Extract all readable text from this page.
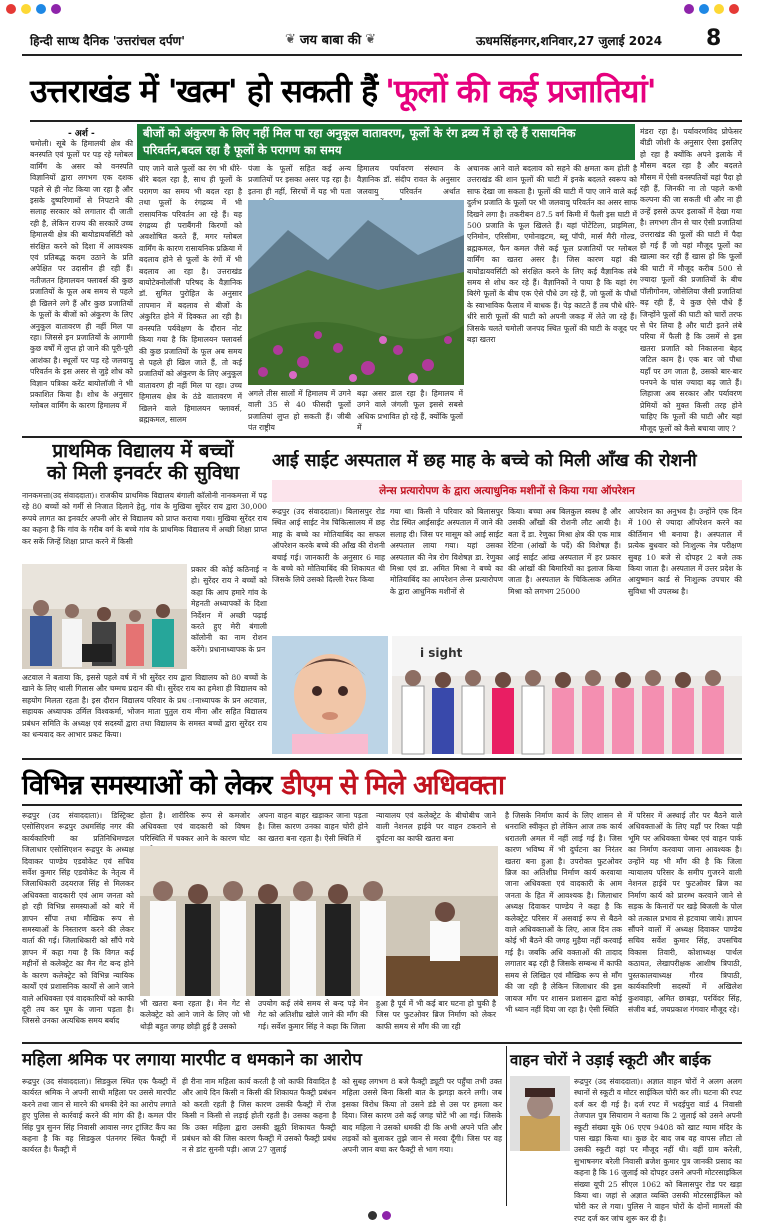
हिन्दी साप्ध दैनिक 'उत्तरांचल दर्पण'	❦ जय बाबा की ❦	ऊधमसिंहनगर,शनिवार,27 जुलाई 2024 8
उत्तराखंड में 'खत्म' हो सकती हैं 'फूलों की कई प्रजातियां'
बीजों को अंकुरण के लिए नहीं मिल पा रहा अनुकूल वातावरण, फूलों के रंग द्रव्य में हो रहे हैं रासायनिक परिवर्तन,बदल रहा है फूलों के परागण का समय
- अर्श -
चमोली। सूबे के हिमालयी क्षेत्र की बनस्पति एवं फूलों पर पड़ रहे ग्लोबल वार्मिंग के असर को वनस्पति विज्ञानियों द्वारा लगभग एक दशक पहले से ही नोट किया जा रहा है और इसके दुष्परिणामों से निपटाने की सलाह सरकार को लगातार दी जाती रही है, लेकिन राज्य की सरकारें उच्च हिमालयी क्षेत्र की बायोडायवर्सिटी को संरक्षित करने को दिशा में आवश्यक एवं प्रतिबद्ध कदम उठाने के प्रति अपेक्षित पर उदासीन ही रही हैं। नतीजतन हिमालयन फ्लावर्स की कुछ प्रजातियों के फूल अब समय से पहले ही खिलने लगे हैं और कुछ प्रजातियों के फूलों के बीजों को अंकुरण के लिए अनुकूल वातावरण ही नहीं मिल पा रहा। जिससे इन प्रजातियों के आगामी कुछ वर्षों में लुप्त हो जाने की पूरी-पूरी आशंका है। स्थूलों पर पड़ रहे जलवायु परिवर्तन के इस असर से जुड़े शोध को विज्ञान पत्रिका करेंट बायोलॉजी ने भी प्रकाशित किया है। शोध के अनुसार ग्लोबल वार्मिंग के कारण हिमालय में
पाए जाने वाले फूलों का रंग भी धीरे-धीरे बदल रहा है, साथ ही फूलों के परागण का समय भी बदल रहा है तथा फूलों के रंगद्रव्य में भी रासायनिक परिवर्तन आ रहे हैं। यह रंगद्रव्य ही पराबैंगनी किरणों को अवशोषित करते हैं, मगर ग्लोबल वार्मिंग के कारण रासायनिक प्रक्रिया में बदलाव होने से फूलों के रंगों में भी बदलाव आ रहा है। उत्तराखंड बायोटेक्नोलॉजी परिषद के वैज्ञानिक डॉ. सुमित पुरोहित के अनुसार तापमान में बदलाव से बीजों के अंकुरित होने में दिक्कत आ रही है।वनस्पति पर्यवेक्षण के दौरान नोट किया गया है कि हिमालयन फ्लावर्स की कुछ प्रजातियों के फूल अब समय से पहले ही खिल जाते हैं, तो कई प्रजातियों को अंकुरण के लिए अनुकूल वातावरण ही नहीं मिल पा रहा। उच्च हिमालय क्षेत्र के ठंडे वातावरण में खिलने वाले हिमालयन फ्लावर्स, ब्रह्मकमल, सालम
पंजा के फूलों सहित कई अन्य प्रजातियों पर इसका असर पड़ रहा है। इतना ही नहीं, सिरचों में यह भी पता
हिमालय पर्यावरण संस्थान के वैज्ञानिक डॉ. संदीप रावत के अनुसार जलवायु परिवर्तन अर्थात
अचानक आने वाले बदलाव को सहने की क्षमता कम होती है उत्तराखंड की शान फूलों की घाटी में इनके बदलते स्वरूप को साफ देखा जा सकता है। फूलों की घाटी में पाए जाने वाले कई दुर्लभ प्रजाति के फूलों पर भी जलवायु परिवर्तन का असर साफ दिखने लगा है। तकरीबन 87.5 वर्ग किमी में फैली इस घाटी में 500 प्रजाति के फूल खिलते हैं। यहां पोटेंटिला, प्राइमिला, एनिमोन, एरिसीमा, एमोनाइटम, ब्लू पॉपी, मार्स मैरी गोल्ड, ब्रह्मकमल, फैन कमल जैसे कई फूल प्रजातियों पर ग्लोबल वार्मिंग का खतरा असर है। जिस कारण यहां की बायोडायवर्सिटी को संरक्षित करने के लिए कई वैज्ञानिक लंबे समय से शोध कर रहे हैं। वैज्ञानिकों ने पाया है कि यहां रंग बिरंगे फूलों के बीच एक ऐसे पौधे उग रहे हैं, जो फूलों के पौधों के स्वाभाविक फैलाव में बाधक हैं। पेड़ काटते हैं तब पौधे धीरे-धीरे सारी फूलों की घाटी को अपनी जकड़ में लेते जा रहे हैं। जिसके चलते चमोली जनपद स्थित फूलों की घाटी के वजूद पर बड़ा खतरा
अगले तीस सालों में हिमालय में उगने वाली 35 से 40 फीसदी फूलों प्रजातियां लुप्त हो सकती हैं। जीबी पंत राष्ट्रीय
बढ़ा असर डाल रहा है। हिमालय में उगने वाले जंगली फूल इससे सबसे अधिक प्रभावित हो रहे हैं, क्योंकि फूलों में
मंडरा रहा है। पर्यावरणविद प्रोफेसर बीडी जोशी के अनुसार ऐसा इसलिए हो रहा है क्योंकि अपने इलाके में मौसम बदल रहा है और बदलते मौसम में ऐसी वनस्पतियों यहां पैदा हो रही हैं, जिनकी ना तो पहले कभी कल्पना की जा सकती थी और ना ही उन्हें इससे ऊपर इलाकों में देखा गया है। लगभग तीन से चार ऐसी प्रजातियां उत्तराखंड की फूलों की घाटी में पैदा हो गई हैं जो यहां मौजूद फूलों का खात्मा कर रही हैं खास हो कि फूलों की घाटी में मौजूद करीब 500 से ज्यादा फूलों की प्रजातियों के बीच पॉलीगोनम, जोसेलिया जैसी प्रजातियां बढ़ रही हैं, ये कुछ ऐसे पौधे हैं जिन्होंने फूलों की घाटी को चारों तरफ से घेर लिया है और घाटी इतने लंबे परिया में फैली है कि उसमें से इस खतरा प्रजाति को निकालना बेहद जटिल काम है। एक बार जो पौधा यहाँ पर उग जाता है, उसको बार-बार पनपने के चांस ज्यादा बढ़ जाते हैं। लिहाजा अब सरकार और पर्यावरण प्रेमियों को मुक्त किसी तरह होने चाहिए कि फूलों की घाटी और यहां मौजूद फूलों को कैसे बचाया जाए ?
प्राथमिक विद्यालय में बच्चों
को मिली इनवर्टर की सुविधा
नानकमत्ता(उद संवाददाता)। राजकीय प्राथमिक विद्यालय बंगाली कॉलोनी नानकमत्ता में पढ़ रहे 80 बच्चों को गर्मी से निजात दिलाने हेतु, गांव के मुखिया सुरेंदर राय द्वारा 30,000 रूपये लागत का इनवर्टर अपनी ओर से विद्यालय को प्राप्त कराया गया। मुखिया सुरेंदर राय का कहना है कि गांव के गरीब वर्ग के बच्चे गांव के प्राथमिक विद्यालय में अच्छी शिक्षा प्राप्त कर सकें जिन्हें शिक्षा प्राप्त करने में किसी
प्रकार की कोई कठिनाई न हो। सुरेंदर राय ने बच्चों को कहा कि आप हमारे गांव के मेहनती अध्यापकों के दिशा निर्देशन में अच्छी पढ़ाई करते हुए मेरी बंगाली कॉलोनी का नाम रोशन करेंगे। प्रधानाध्यापक के प्रन
अटवाल ने बताया कि, इससे पहले वर्ष में भी सुरेंदर राय द्वारा विद्यालय को 80 बच्चों के खाने के लिए थाली गिलास और चम्मच प्रदान की थी। सुरेंदर राय का हमेशा ही विद्यालय को सहयोग मिलता रहता है। इस दौरान विद्यालय परिवार के प्रध ानाध्यापक के प्रन अटवाल, सहायक अध्यापक उर्मिल विश्वकर्मा, भोजन माता पुतुल राय मीना और सहित विद्यालय प्रबंधन समिति के अध्यक्ष एवं सदस्यों द्वारा तथा विद्यालय के समस्त बच्चों द्वारा सुरेंदर राय का धन्यवाद कर आभार प्रकट किया।
आई साईट अस्पताल में छह माह के बच्चे को मिली आँख की रोशनी
लेन्स प्रत्यारोपण के द्वारा अत्याधुनिक मशीनों से किया गया ऑपरेशन
रूद्रपुर (उद संवाददाता)। बिलासपुर रोड स्थित आई साईट नेत्र चिकित्सालय में छह माह के बच्चे का मोतियाबिंद का सफल ऑपरेशन करके बच्चे की आँख की रोशनी बचाई गई। जानकारी के अनुसार 6 माह के बच्चे को मोतियाबिंद की शिकायत थी जिसके लिये उसको दिल्ली रेफर किया
गया था। किसी ने परिवार को बिलासपुर रोड स्थित आईसाईट अस्पताल में जाने की सलाह दी। जिस पर मासूम को आई साईट अस्पताल लाया गया। यहां उसका अस्पताल की नेत्र रोग विशेषज्ञ डा. रेणुका मिश्रा एवं डा. अमित मिश्रा ने बच्चे का मोतियाबिंद का आपरेशन लेन्स प्रत्यारोपण के द्वारा आधुनिक मशीनों से
किया। बच्चा अब बिलकुल स्वस्थ है और उसकी आँखों की रोशनी लौट आयी है। बता दें डा. रेणुका मिश्रा क्षेत्र की एक मात्र रेटिना (आंखों के पर्दे) की विशेषज्ञ हैं। आई साईट आंख अस्पताल में हर प्रकार की आंखों की बिमारियों का इलाज किया जाता है। अस्पताल के चिकित्सक अमित मिश्रा को लगभग 25000
आपरेशन का अनुभव है। उन्होंने एक दिन में 100 से ज्यादा ऑपरेशन करने का कीर्तिमान भी बनाया है। अस्पताल में प्रत्येक बुधवार को निःशुल्क नेत्र परीक्षण सुबह 10 बजे से दोपहर 2 बजे तक किया जाता है। अस्पताल में उत्तर प्रदेश के आयुष्मान कार्ड से निःशुल्क उपचार की सुविधा भी उपलब्ध है।
i sight
विभिन्न समस्याओं को लेकर डीएम से मिले अधिवक्ता
रूद्रपुर (उद संवाददाता)। डिस्ट्रिक्ट एसोसिएशन रूद्रपुर उधमसिंह नगर की कार्यकारिणी का प्रतिनिधिमण्डल जिलाधार एसोसिएशन रूद्रपुर के अध्यक्ष दिवाकर पाण्डेय एडवोकेट एवं सचिव सर्वेश कुमार सिंह एडवोकेट के नेतृत्व में जिलाधिकारी उदयराज सिंह से मिलकर अधिवक्ता वादकारी एवं आम जनता को हो रही विभिन्न समस्याओं को बारे में ज्ञापन सौंपा तथा मौखिक रूप से समस्याओं के निस्तारण करने की लेकर वार्ता की गई। जिलाधिकारी को सौंपे गये ज्ञापन में कहा गया है कि विगत कई महीनों से कलेक्ट्रेट का मैन गेट बन्द होने के कारण कलेक्ट्रेट को विभिन्न न्यायिक कार्यों एवं प्रशासनिक कार्यों से आने जाने वाले अधिवक्ता एवं वादकारियों को काफी दूरी तय कर घूम के जाना पड़ता है। जिससे उनका अत्यधिक समय बर्बाद
होता है। शारीरिक रूप से कमजोर अधिवक्ता एवं वादकारी को विषम परिस्थिति में चक्कर आने के कारण चोट
अपना वाहन बाहर खड़ाकर जाना पड़ता है। जिस कारण उनका वाहन चोरी होने का खतरा बना रहता है। ऐसी स्थिति में
न्यायालय एवं कलेक्ट्रेट के बीचोबीच जाने वाली नेशनल हाईवे पर वाहन टकराने से दुर्घटना का काफी खतरा बना
भी खतरा बना रहता है। मेन गेट से कलेक्ट्रेट को आने जाने के लिए जो भी थोड़ी बहुत जगह छोड़ी हुई है उसको
उपयोग कई लंबे समय से बन्द पड़े मेन गेट को अतिशीघ्र खोले जाने की माँग की गई। सर्वेश कुमार सिंह ने कहा कि जिला
हुआ है पूर्व में भी कई बार घटना हो चुकी है जिस पर फुटओवर ब्रिज निर्माण को लेकर काफी समय से माँग की जा रही
है जिसके निर्माण कार्य के लिए शासन से धनराशि स्वीकृत हो लेकिन आज तक कार्य धरातली अमल में नहीं लाई गई है। जिस कारण भविष्य में भी दुर्घटना का निरंतर खतरा बना हुआ है। उपरोक्त फुटओवर ब्रिज का अतिशीघ्र निर्माण कार्य करवाया जाना अधिवक्ता एवं वादकारी के आम जनता के हित में आवश्यक है। जिलाधार अध्यक्ष दिवाकर पाण्डेय ने कहा है कि कलेक्ट्रेट परिसर में असवाई रूप से बैठने वाले अधिवक्ताओं के लिए, आज दिन तक कोई भी बैठने की जगह मुहैया नहीं करवाई गई है। जबकि अधि वक्ताओं की तादाद लगातार बढ़ रही है जिसके सम्बन्ध में काफी समय से लिखित एवं मौखिक रूप से माँग की जा रही है लेकिन जिलाधार की इस जायज माँग पर शासन प्रशासन द्वारा कोई भी ध्यान नहीं दिया जा रहा है। ऐसी स्थिति
में परिसर में अस्थाई तौर पर बैठने वाले अधिवक्ताओं के लिए यहाँ पर रिक्त पड़ी भूमि पर अधिवक्ता चेम्बर एवं वाहन पार्क का निर्माण करवाया जाना आवश्यक है। उन्होंने यह भी माँग की है कि जिला न्यायालय परिसर के समीप गुजरने वाली नेशनल हाईवे पर फुटओवर ब्रिज का निर्माण कार्य को प्रारम्भ करवाने जाने से सड़क के किनारों पर खड़े बिजली के पोल को तत्काल प्रभाव से हटवाया जाये। ज्ञापन सौंपने वालों में अध्यक्ष दिवाकर पाण्डेय सचिव सर्वेश कुमार सिंह, उपसचिव विकास तिवारी, कोशाध्यक्ष पार्थल कठायत, लेखापरीक्षक आशीष त्रिपाठी, पुस्तकालयाध्यक्ष गौरव त्रिपाठी, कार्यकारिणी सदस्यों में अखिलेश कुशवाहा, अमित छाबड़ा, परविंदर सिंह, संजीव बर्ड, जयप्रकाश गंगवार मौजूद रहे।
महिला श्रमिक पर लगाया मारपीट व धमकाने का आरोप
रूद्रपुर (उद संवाददाता)। सिडकुल स्थित एक फैक्ट्री में कार्यरत श्रमिक ने अपनी साथी महिला पर उससे मारपीट करने तथा जान से मारने की धमकी देने का आरोप लगाते हुए पुलिस से कार्रवाई करने की मांग की है। कमल पीर सिंह पुत्र सुनन सिंह निवासी आवास नगर ट्रांजिट कैंप का कहना है कि वह सिडकुल पंतनगर स्थित फैक्ट्री में कार्यरत है। फैक्ट्री में
ही रीना नाम महिला कार्य करती है जो काफी विवादित है और आये दिन किसी न किसी की शिकायत फैक्ट्री प्रबंधन को करती रहती है जिस कारण उसकी फैक्ट्री में रोज किसी न किसी से लड़ाई होती रहती है। उसका कहना है कि उक्त महिला द्वारा उसकी झूठी शिकायत फैक्ट्री प्रबंधन को की जिस कारण फैक्ट्री में उसको फैक्ट्री प्रबंध न से डांट सुननी पड़ी। आज 27 जुलाई
को सुबह लगभग 8 बजे फैक्ट्री ड्यूटी पर पहुँचा तभी उक्त महिला उससे बिना किसी बात के झगड़ा करने लगी। जब इसका विरोध किया तो उसने डंडे से उस पर हमला कर दिया। जिस कारण उसे कई जगह चोटें भी आ गई। जिसके बाद महिला ने उसको धमकी दी कि अभी अपने पति और लड़कों को बुलाकर तुझे जान से मरवा दूँगी। जिस पर वह अपनी जान बचा कर फैक्ट्री से भाग गया।
वाहन चोरों ने उड़ाई स्कूटी और बाईक
रूद्रपुर (उद संवाददाता)। अज्ञात वाहन चोरों ने अलग अलग स्थानों से स्कूटी व मोटर साईकिल चोरी कर ली। घटना की रपट दर्ज कर दी गई है। दर्ज रपट में भदईपुरा वार्ड 4 निवासी तेजपाल पुत्र सियाराम ने बताया कि 2 जुलाई को उसने अपनी स्कूटी संख्या यूके 06 एएच 9408 को खाट ग्याम मंदिर के पास खड़ा किया था। कुछ देर बाद जब वह वापस लौटा तो उसकी स्कूटी वहां पर मौजूद नहीं थी। वहीं ग्राम करेली, सुभाषनगर बरेली निवासी ब्रजेश कुमार पुत्र जानकी प्रसाद का कहना है कि 16 जुलाई को दोपहर उसने अपनी मोटरसाइकिल संख्या यूपी 25 सीएल 1062 को बिलासपुर रोड पर खड़ा किया था। जहां से अज्ञात व्यक्ति उसकी मोटरसाईकिल को चोरी कर ले गया। पुलिस ने वाहन चोरों के दोनों मामलों की रपट दर्ज कर जांच शुरू कर दी है।
